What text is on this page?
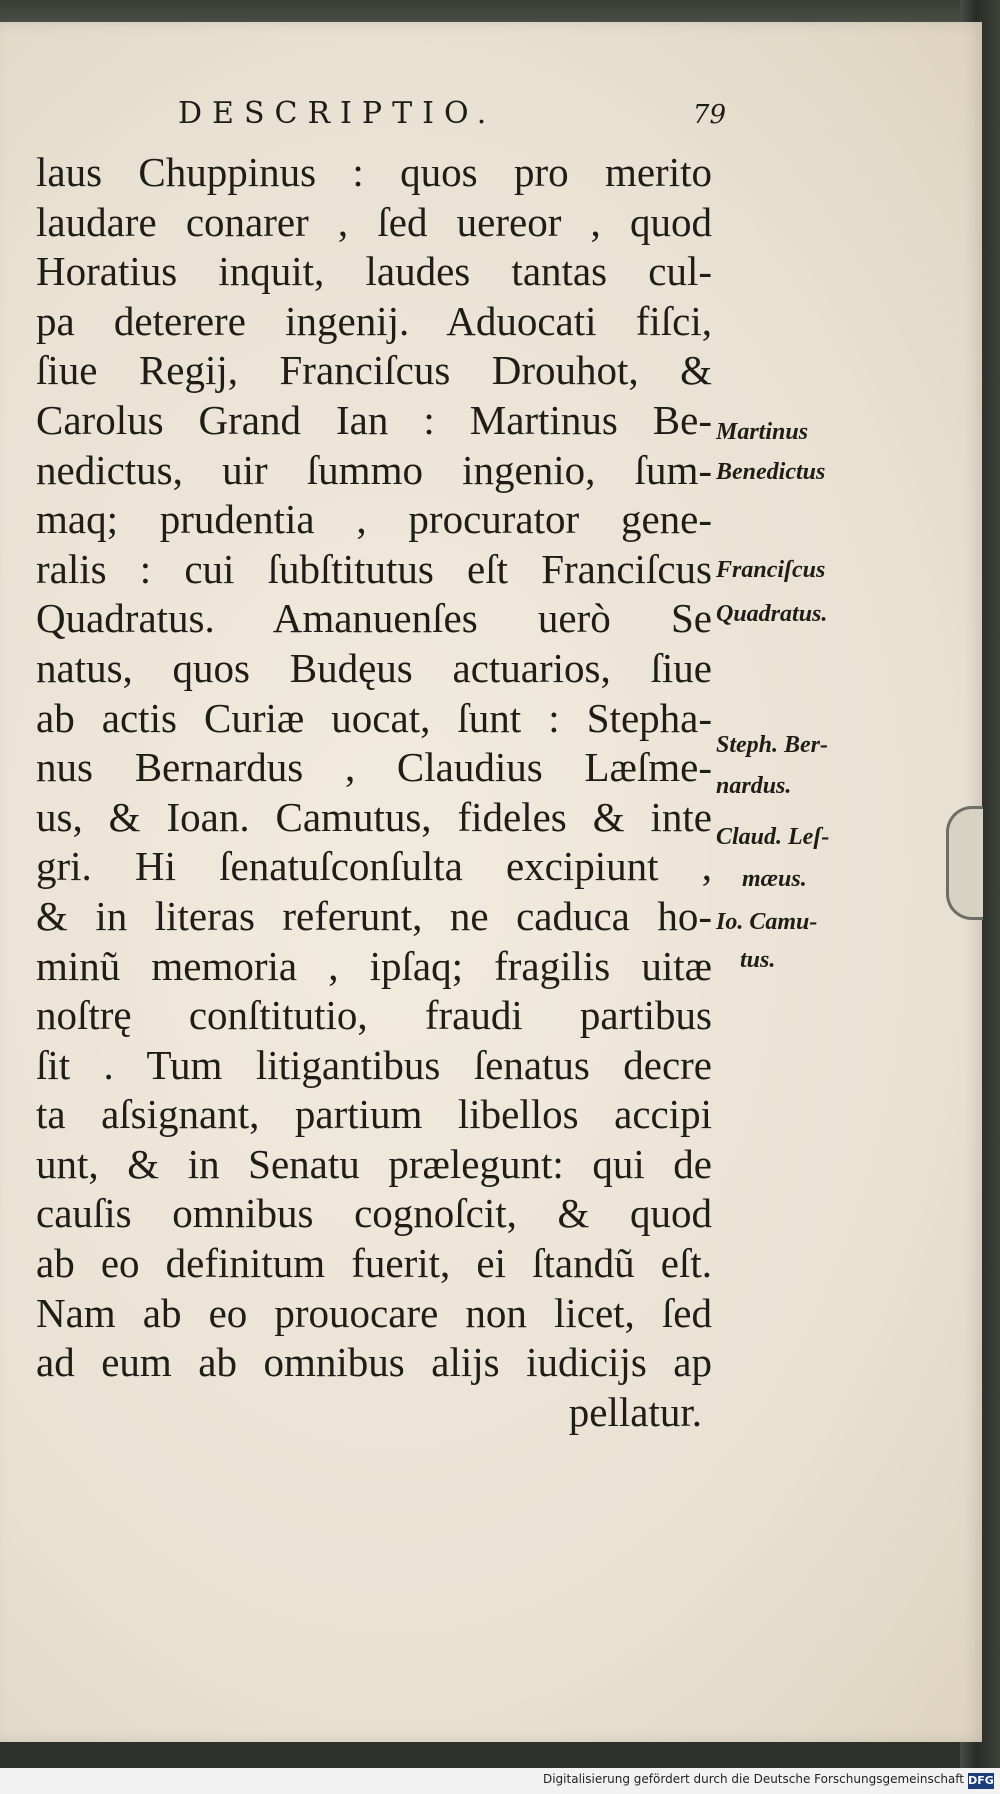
DESCRIPTIO.	79
laus Chuppinus : quos pro merito
laudare conarer , ſed uereor , quod
Horatius inquit, laudes tantas cul-
pa deterere ingenij. Aduocati fiſci,
ſiue Regij, Franciſcus Drouhot, &
Carolus Grand Ian : Martinus Be-
nedictus, uir ſummo ingenio, ſum-
maq; prudentia , procurator gene-
ralis : cui ſubſtitutus eſt Franciſcus
Quadratus. Amanuenſes uerò Se
natus, quos Budęus actuarios, ſiue
ab actis Curiæ uocat, ſunt : Stepha-
nus Bernardus , Claudius Læſme-
us, & Ioan. Camutus, fideles & inte
gri. Hi ſenatuſconſulta excipiunt ,
& in literas referunt, ne caduca ho-
minũ memoria , ipſaq; fragilis uitæ
noſtrę conſtitutio, fraudi partibus
ſit . Tum litigantibus ſenatus decre
ta aſsignant, partium libellos accipi
unt, & in Senatu prælegunt: qui de
cauſis omnibus cognoſcit, & quod
ab eo definitum fuerit, ei ſtandũ eſt.
Nam ab eo prouocare non licet, ſed
ad eum ab omnibus alijs iudicijs ap
pellatur.
Martinus
Benedictus
Franciſcus
Quadratus.
Steph. Ber-
nardus.
Claud. Leſ-
mæus.
Io. Camu-
tus.
Digitalisierung gefördert durch die Deutsche Forschungsgemeinschaft DFG
